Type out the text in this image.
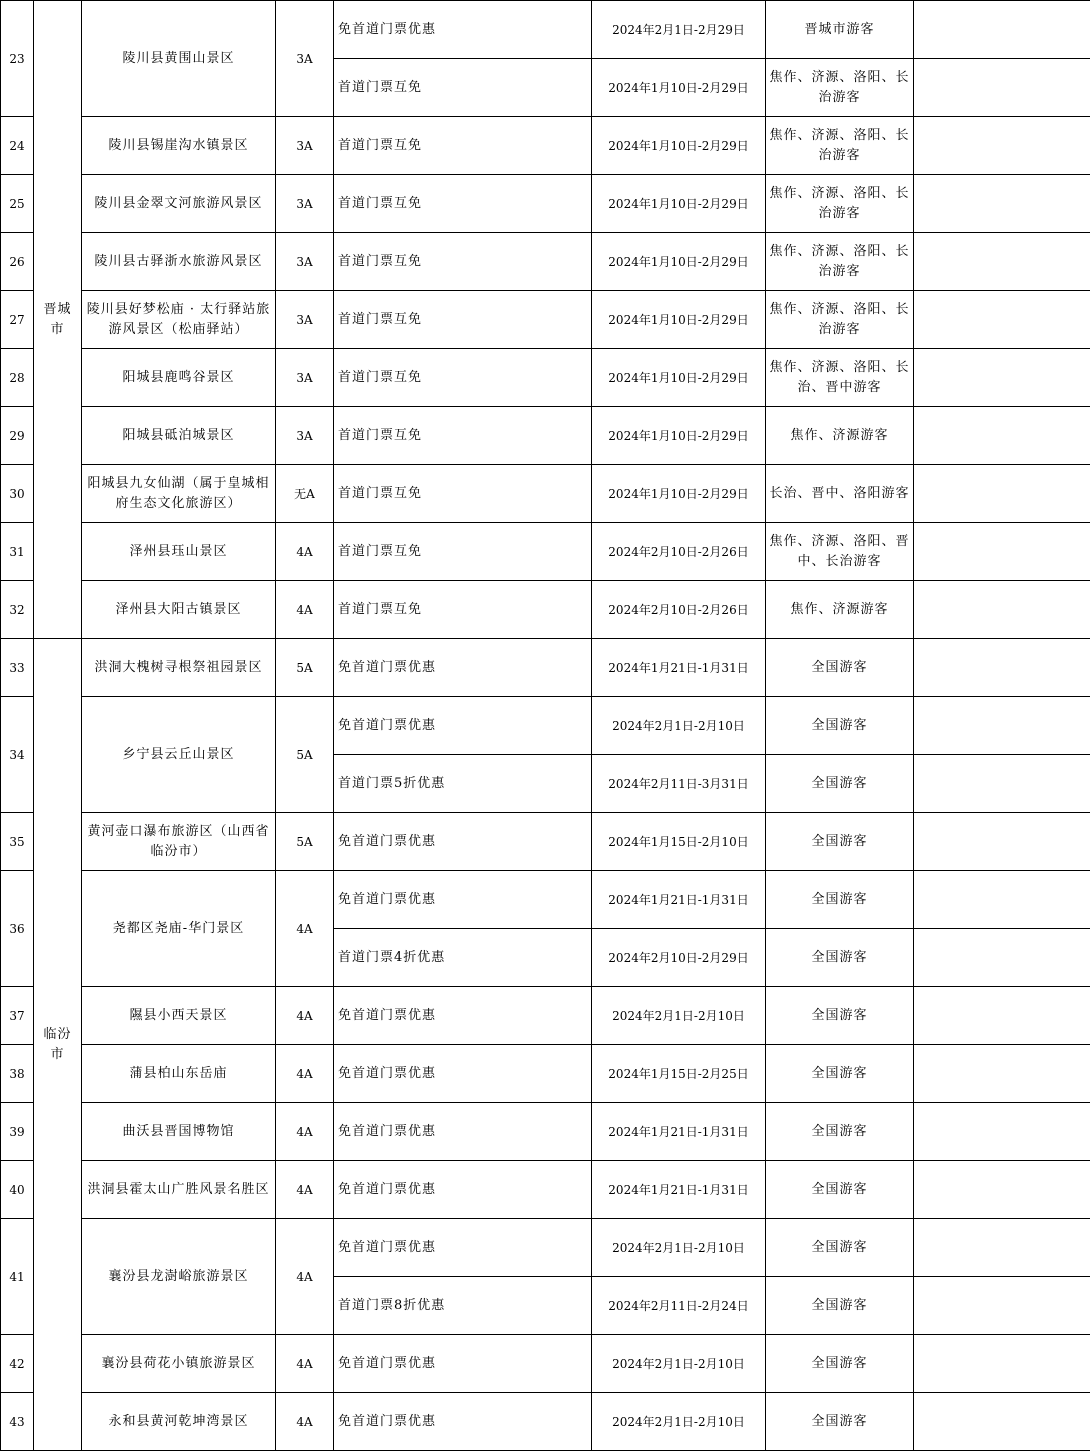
23	晋城市	陵川县黄围山景区	3A	免首道门票优惠	2024年2月1日-2月29日	晋城市游客	
				首道门票互免	2024年1月10日-2月29日	焦作、济源、洛阳、长治游客	
24		陵川县锡崖沟水镇景区	3A	首道门票互免	2024年1月10日-2月29日	焦作、济源、洛阳、长治游客	
25		陵川县金翠文河旅游风景区	3A	首道门票互免	2024年1月10日-2月29日	焦作、济源、洛阳、长治游客	
26		陵川县古驿浙水旅游风景区	3A	首道门票互免	2024年1月10日-2月29日	焦作、济源、洛阳、长治游客	
27		陵川县好梦松庙 · 太行驿站旅游风景区（松庙驿站）	3A	首道门票互免	2024年1月10日-2月29日	焦作、济源、洛阳、长治游客	
28		阳城县鹿鸣谷景区	3A	首道门票互免	2024年1月10日-2月29日	焦作、济源、洛阳、长治、晋中游客	
29		阳城县砥泊城景区	3A	首道门票互免	2024年1月10日-2月29日	焦作、济源游客	
30		阳城县九女仙湖（属于皇城相府生态文化旅游区）	无A	首道门票互免	2024年1月10日-2月29日	长治、晋中、洛阳游客	
31		泽州县珏山景区	4A	首道门票互免	2024年2月10日-2月26日	焦作、济源、洛阳、晋中、长治游客	
32		泽州县大阳古镇景区	4A	首道门票互免	2024年2月10日-2月26日	焦作、济源游客	
33	临汾市	洪洞大槐树寻根祭祖园景区	5A	免首道门票优惠	2024年1月21日-1月31日	全国游客	
34		乡宁县云丘山景区	5A	免首道门票优惠	2024年2月1日-2月10日	全国游客	
				首道门票5折优惠	2024年2月11日-3月31日	全国游客	
35		黄河壶口瀑布旅游区（山西省临汾市）	5A	免首道门票优惠	2024年1月15日-2月10日	全国游客	
36		尧都区尧庙-华门景区	4A	免首道门票优惠	2024年1月21日-1月31日	全国游客	
				首道门票4折优惠	2024年2月10日-2月29日	全国游客	
37		隰县小西天景区	4A	免首道门票优惠	2024年2月1日-2月10日	全国游客	
38		蒲县柏山东岳庙	4A	免首道门票优惠	2024年1月15日-2月25日	全国游客	
39		曲沃县晋国博物馆	4A	免首道门票优惠	2024年1月21日-1月31日	全国游客	
40		洪洞县霍太山广胜风景名胜区	4A	免首道门票优惠	2024年1月21日-1月31日	全国游客	
41		襄汾县龙澍峪旅游景区	4A	免首道门票优惠	2024年2月1日-2月10日	全国游客	
				首道门票8折优惠	2024年2月11日-2月24日	全国游客	
42		襄汾县荷花小镇旅游景区	4A	免首道门票优惠	2024年2月1日-2月10日	全国游客	
43		永和县黄河乾坤湾景区	4A	免首道门票优惠	2024年2月1日-2月10日	全国游客	
